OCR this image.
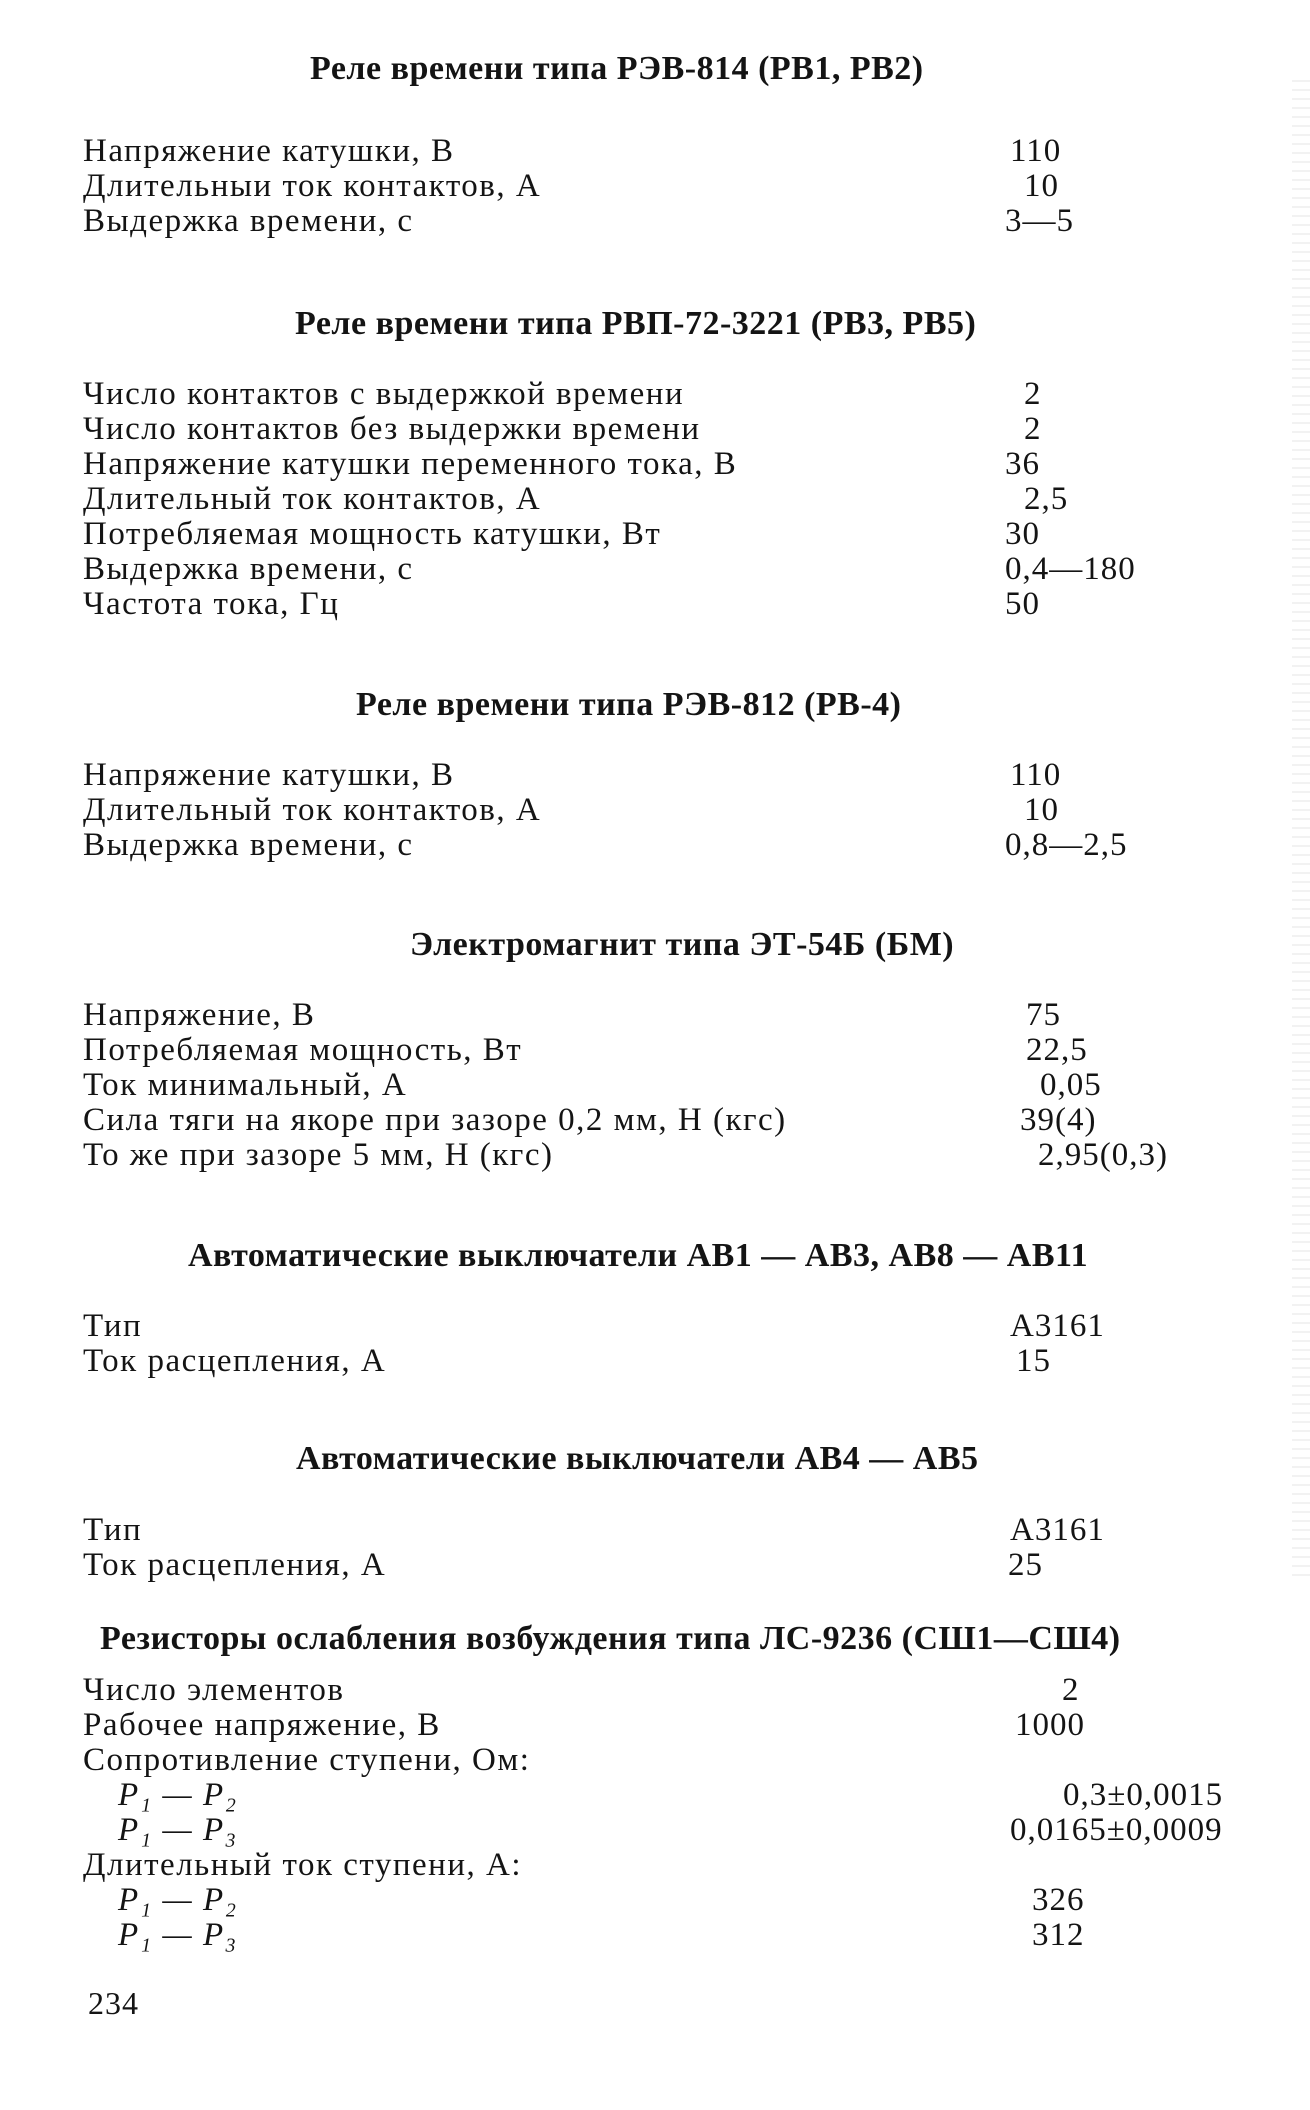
Реле времени типа РЭВ-814 (РВ1, РВ2)
Напряжение катушки, В	110
Длительныи ток контактов, А	10
Выдержка времени, с	3—5
Реле времени типа РВП-72-3221 (РВ3, РВ5)
Число контактов с выдержкой времени	2
Число контактов без выдержки времени	2
Напряжение катушки переменного тока, В	36
Длительный ток контактов, А	2,5
Потребляемая мощность катушки, Вт	30
Выдержка времени, с	0,4—180
Частота тока, Гц	50
Реле времени типа РЭВ-812 (РВ-4)
Напряжение катушки, В	110
Длительный ток контактов, А	10
Выдержка времени, с	0,8—2,5
Электромагнит типа ЭТ-54Б (БМ)
Напряжение, В	75
Потребляемая мощность, Вт	22,5
Ток минимальный, А	0,05
Сила тяги на якоре при зазоре 0,2 мм, Н (кгс)	39(4)
То же при зазоре 5 мм, Н (кгс)	2,95(0,3)
Автоматические выключатели АВ1 — АВ3, АВ8 — АВ11
Тип	А3161
Ток расцепления, А	15
Автоматические выключатели АВ4 — АВ5
Тип	А3161
Ток расцепления, А	25
Резисторы ослабления возбуждения типа ЛС-9236 (СШ1—СШ4)
Число элементов	2
Рабочее напряжение, В	1000
Сопротивление ступени, Ом:
P₁ — P₂	0,3±0,0015
P₁ — P₃	0,0165±0,0009
Длительный ток ступени, А:
P₁ — P₂	326
P₁ — P₃	312
234
